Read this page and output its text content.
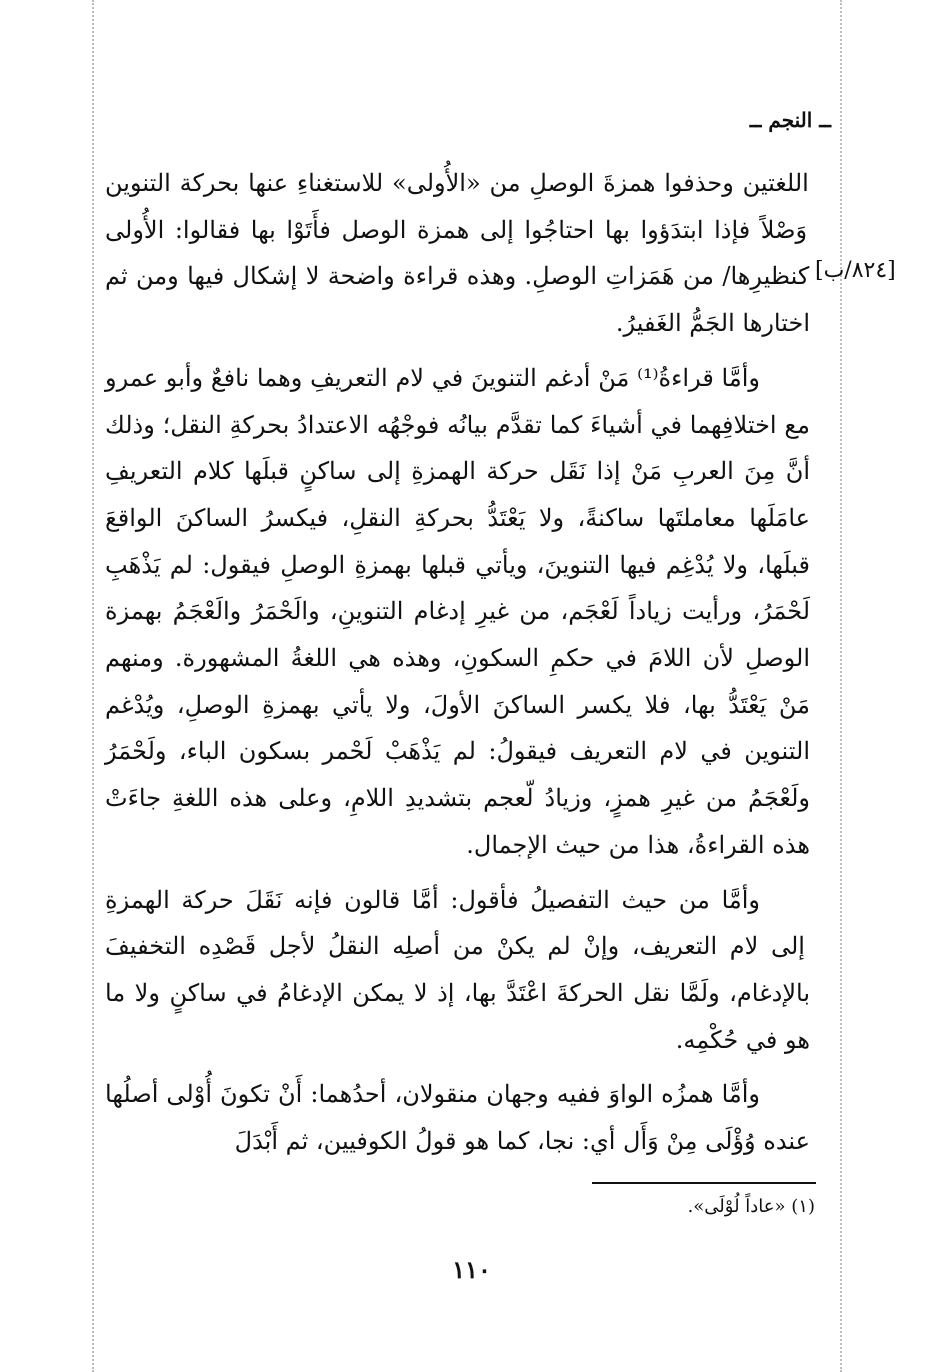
ــ النجم ــ
[٨٢٤/ب]

اللغتين وحذفوا همزةَ الوصلِ من «الأُولى» للاستغناءِ عنها بحركة التنوين وَصْلاً فإذا ابتدَؤوا بها احتاجُوا إلى همزة الوصل فأَتَوْا بها فقالوا: الأُولى كنظيرِها/ من هَمَزاتِ الوصلِ. وهذه قراءة واضحة لا إشكال فيها ومن ثم اختارها الجَمُّ الغَفيرُ.

وأمَّا قراءةُ⁽¹⁾ مَنْ أدغم التنوينَ في لام التعريفِ وهما نافعٌ وأبو عمرو مع اختلافِهما في أشياءَ كما تقدَّم بيانُه فوجْهُه الاعتدادُ بحركةِ النقل؛ وذلك أنَّ مِنَ العربِ مَنْ إذا نَقَل حركة الهمزةِ إلى ساكنٍ قبلَها كلام التعريفِ عامَلَها معاملتَها ساكنةً، ولا يَعْتَدُّ بحركةِ النقلِ، فيكسرُ الساكنَ الواقعَ قبلَها، ولا يُدْغِم فيها التنوينَ، ويأتي قبلها بهمزةِ الوصلِ فيقول: لم يَذْهَبِ لَحْمَرُ، ورأيت زياداً لَعْجَم، من غيرِ إدغام التنوينِ، والَحْمَرُ والَعْجَمُ بهمزة الوصلِ لأن اللامَ في حكمِ السكونِ، وهذه هي اللغةُ المشهورة. ومنهم مَنْ يَعْتَدُّ بها، فلا يكسر الساكنَ الأولَ، ولا يأتي بهمزةِ الوصلِ، ويُدْغم التنوين في لام التعريف فيقولُ: لم يَذْهَبْ لَحْمر بسكون الباء، ولَحْمَرُ ولَعْجَمُ من غيرِ همزٍ، وزيادُ لّعجم بتشديدِ اللامِ، وعلى هذه اللغةِ جاءَتْ هذه القراءةُ، هذا من حيث الإجمال.

وأمَّا من حيث التفصيلُ فأقول: أمَّا قالون فإنه نَقَلَ حركة الهمزةِ إلى لام التعريف، وإنْ لم يكنْ من أصلِه النقلُ لأجل قَصْدِه التخفيفَ بالإدغام، ولَمَّا نقل الحركةَ اعْتَدَّ بها، إذ لا يمكن الإدغامُ في ساكنٍ ولا ما هو في حُكْمِه.

وأمَّا همزُه الواوَ ففيه وجهان منقولان، أحدُهما: أَنْ تكونَ أُوْلى أصلُها عنده وُؤْلَى مِنْ وَأَل أي: نجا، كما هو قولُ الكوفيين، ثم أَبْدَلَ

(١) «عاداً لُوْلَى».
١١٠
